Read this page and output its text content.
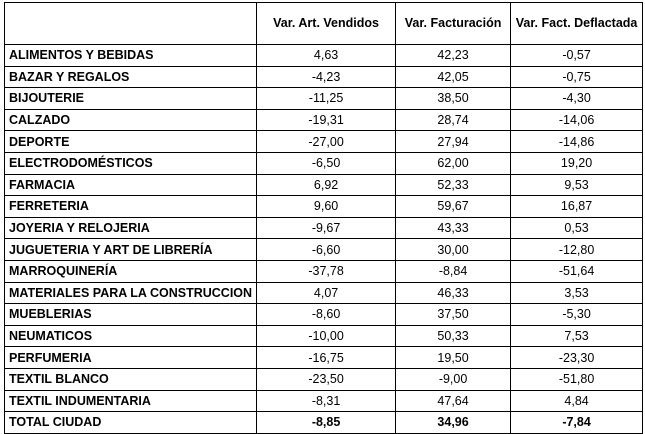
	Var. Art. Vendidos	Var. Facturación	Var. Fact. Deflactada
ALIMENTOS Y BEBIDAS	4,63	42,23	-0,57
BAZAR Y REGALOS	-4,23	42,05	-0,75
BIJOUTERIE	-11,25	38,50	-4,30
CALZADO	-19,31	28,74	-14,06
DEPORTE	-27,00	27,94	-14,86
ELECTRODOMÉSTICOS	-6,50	62,00	19,20
FARMACIA	6,92	52,33	9,53
FERRETERIA	9,60	59,67	16,87
JOYERIA Y RELOJERIA	-9,67	43,33	0,53
JUGUETERIA Y ART DE LIBRERÍA	-6,60	30,00	-12,80
MARROQUINERÍA	-37,78	-8,84	-51,64
MATERIALES PARA LA CONSTRUCCION	4,07	46,33	3,53
MUEBLERIAS	-8,60	37,50	-5,30
NEUMATICOS	-10,00	50,33	7,53
PERFUMERIA	-16,75	19,50	-23,30
TEXTIL BLANCO	-23,50	-9,00	-51,80
TEXTIL INDUMENTARIA	-8,31	47,64	4,84
TOTAL CIUDAD	-8,85	34,96	-7,84
